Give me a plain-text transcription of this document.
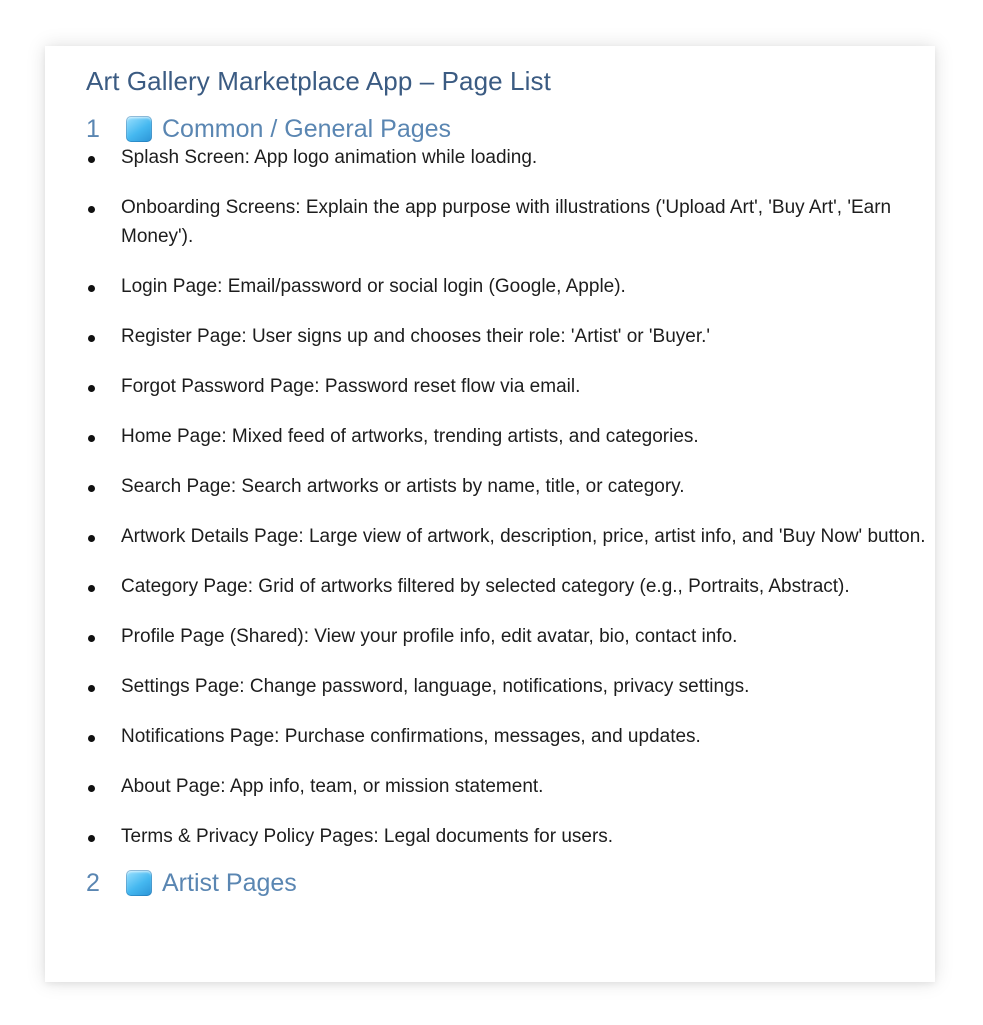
Art Gallery Marketplace App – Page List
1	Common / General Pages
Splash Screen: App logo animation while loading.
Onboarding Screens: Explain the app purpose with illustrations ('Upload Art', 'Buy Art', 'Earn Money').
Login Page: Email/password or social login (Google, Apple).
Register Page: User signs up and chooses their role: 'Artist' or 'Buyer.'
Forgot Password Page: Password reset flow via email.
Home Page: Mixed feed of artworks, trending artists, and categories.
Search Page: Search artworks or artists by name, title, or category.
Artwork Details Page: Large view of artwork, description, price, artist info, and 'Buy Now' button.
Category Page: Grid of artworks filtered by selected category (e.g., Portraits, Abstract).
Profile Page (Shared): View your profile info, edit avatar, bio, contact info.
Settings Page: Change password, language, notifications, privacy settings.
Notifications Page: Purchase confirmations, messages, and updates.
About Page: App info, team, or mission statement.
Terms & Privacy Policy Pages: Legal documents for users.
2	Artist Pages
